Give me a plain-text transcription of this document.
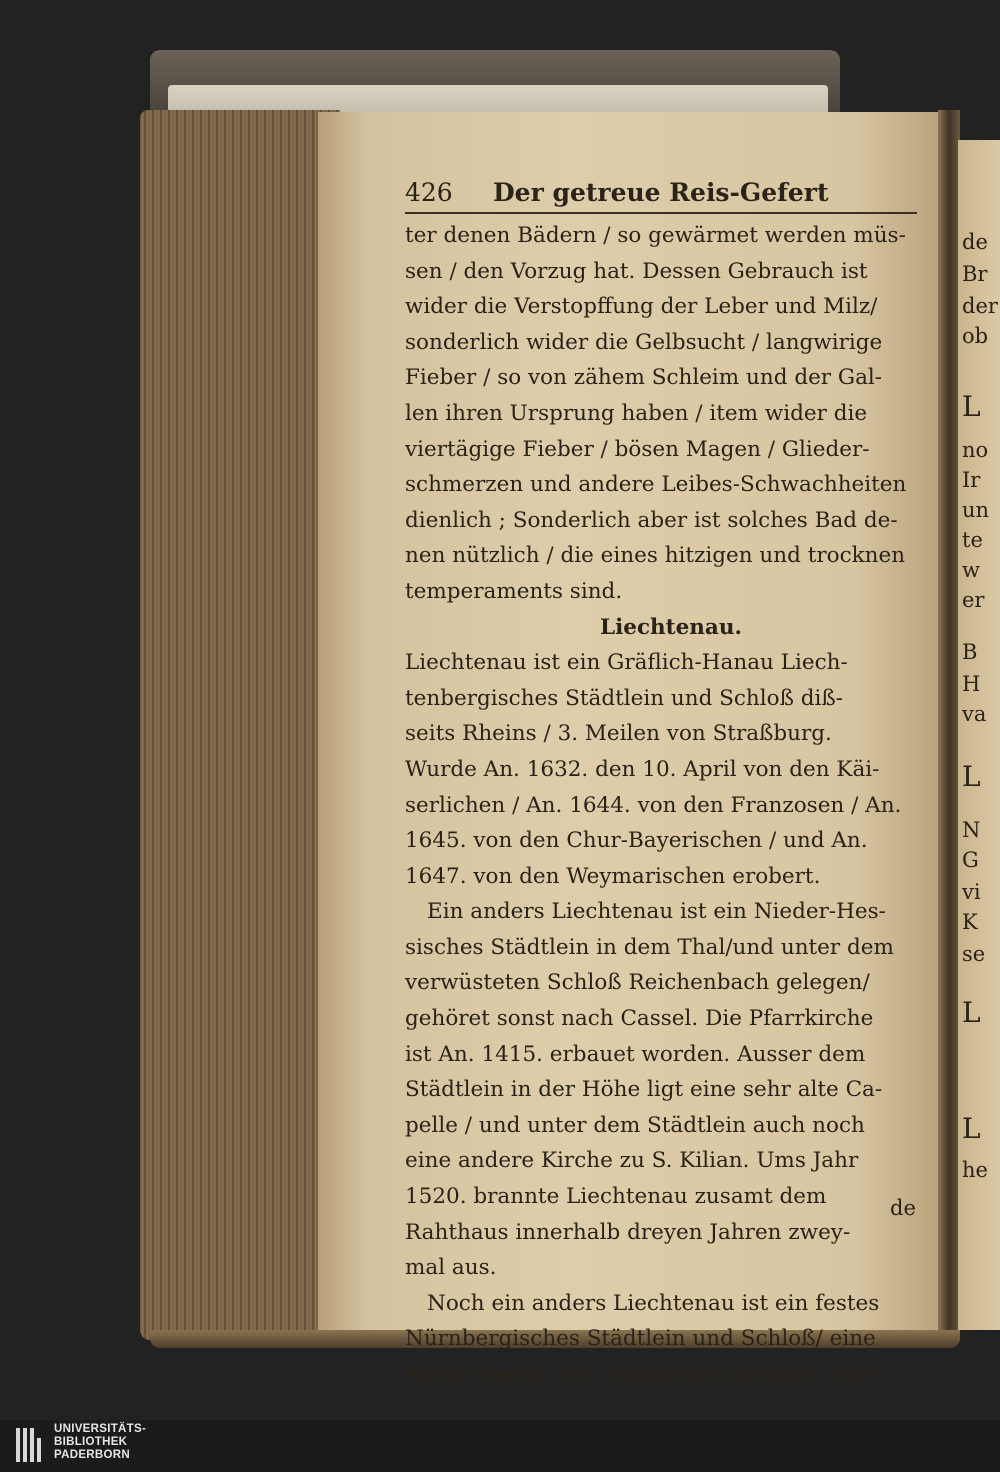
426 Der getreue Reis-Gefert
ter denen Bädern / so gewärmet werden müs-
sen / den Vorzug hat. Dessen Gebrauch ist
wider die Verstopffung der Leber und Milz/
sonderlich wider die Gelbsucht / langwirige
Fieber / so von zähem Schleim und der Gal-
len ihren Ursprung haben / item wider die
viertägige Fieber / bösen Magen / Glieder-
schmerzen und andere Leibes-Schwachheiten
dienlich ; Sonderlich aber ist solches Bad de-
nen nützlich / die eines hitzigen und trocknen
temperaments sind.
Liechtenau.
Liechtenau ist ein Gräflich-Hanau Liech-
tenbergisches Städtlein und Schloß diß-
seits Rheins / 3. Meilen von Straßburg.
Wurde An. 1632. den 10. April von den Käi-
serlichen / An. 1644. von den Franzosen / An.
1645. von den Chur-Bayerischen / und An.
1647. von den Weymarischen erobert.
Ein anders Liechtenau ist ein Nieder-Hes-
sisches Städtlein in dem Thal/und unter dem
verwüsteten Schloß Reichenbach gelegen/
gehöret sonst nach Cassel. Die Pfarrkirche
ist An. 1415. erbauet worden. Ausser dem
Städtlein in der Höhe ligt eine sehr alte Ca-
pelle / und unter dem Städtlein auch noch
eine andere Kirche zu S. Kilian. Ums Jahr
1520. brannte Liechtenau zusamt dem
Rahthaus innerhalb dreyen Jahren zwey-
mal aus.
Noch ein anders Liechtenau ist ein festes
Nürnbergisches Städtlein und Schloß/ eine
Meile Weegs von Onoldsbach gelegen. Wur-
de
de
Br
der
ob
L
no
Ir
un
te
w
er
B
H
va
L
N
G
vi
K
se
L
L
he
UNIVERSITÄTS-
BIBLIOTHEK
PADERBORN
